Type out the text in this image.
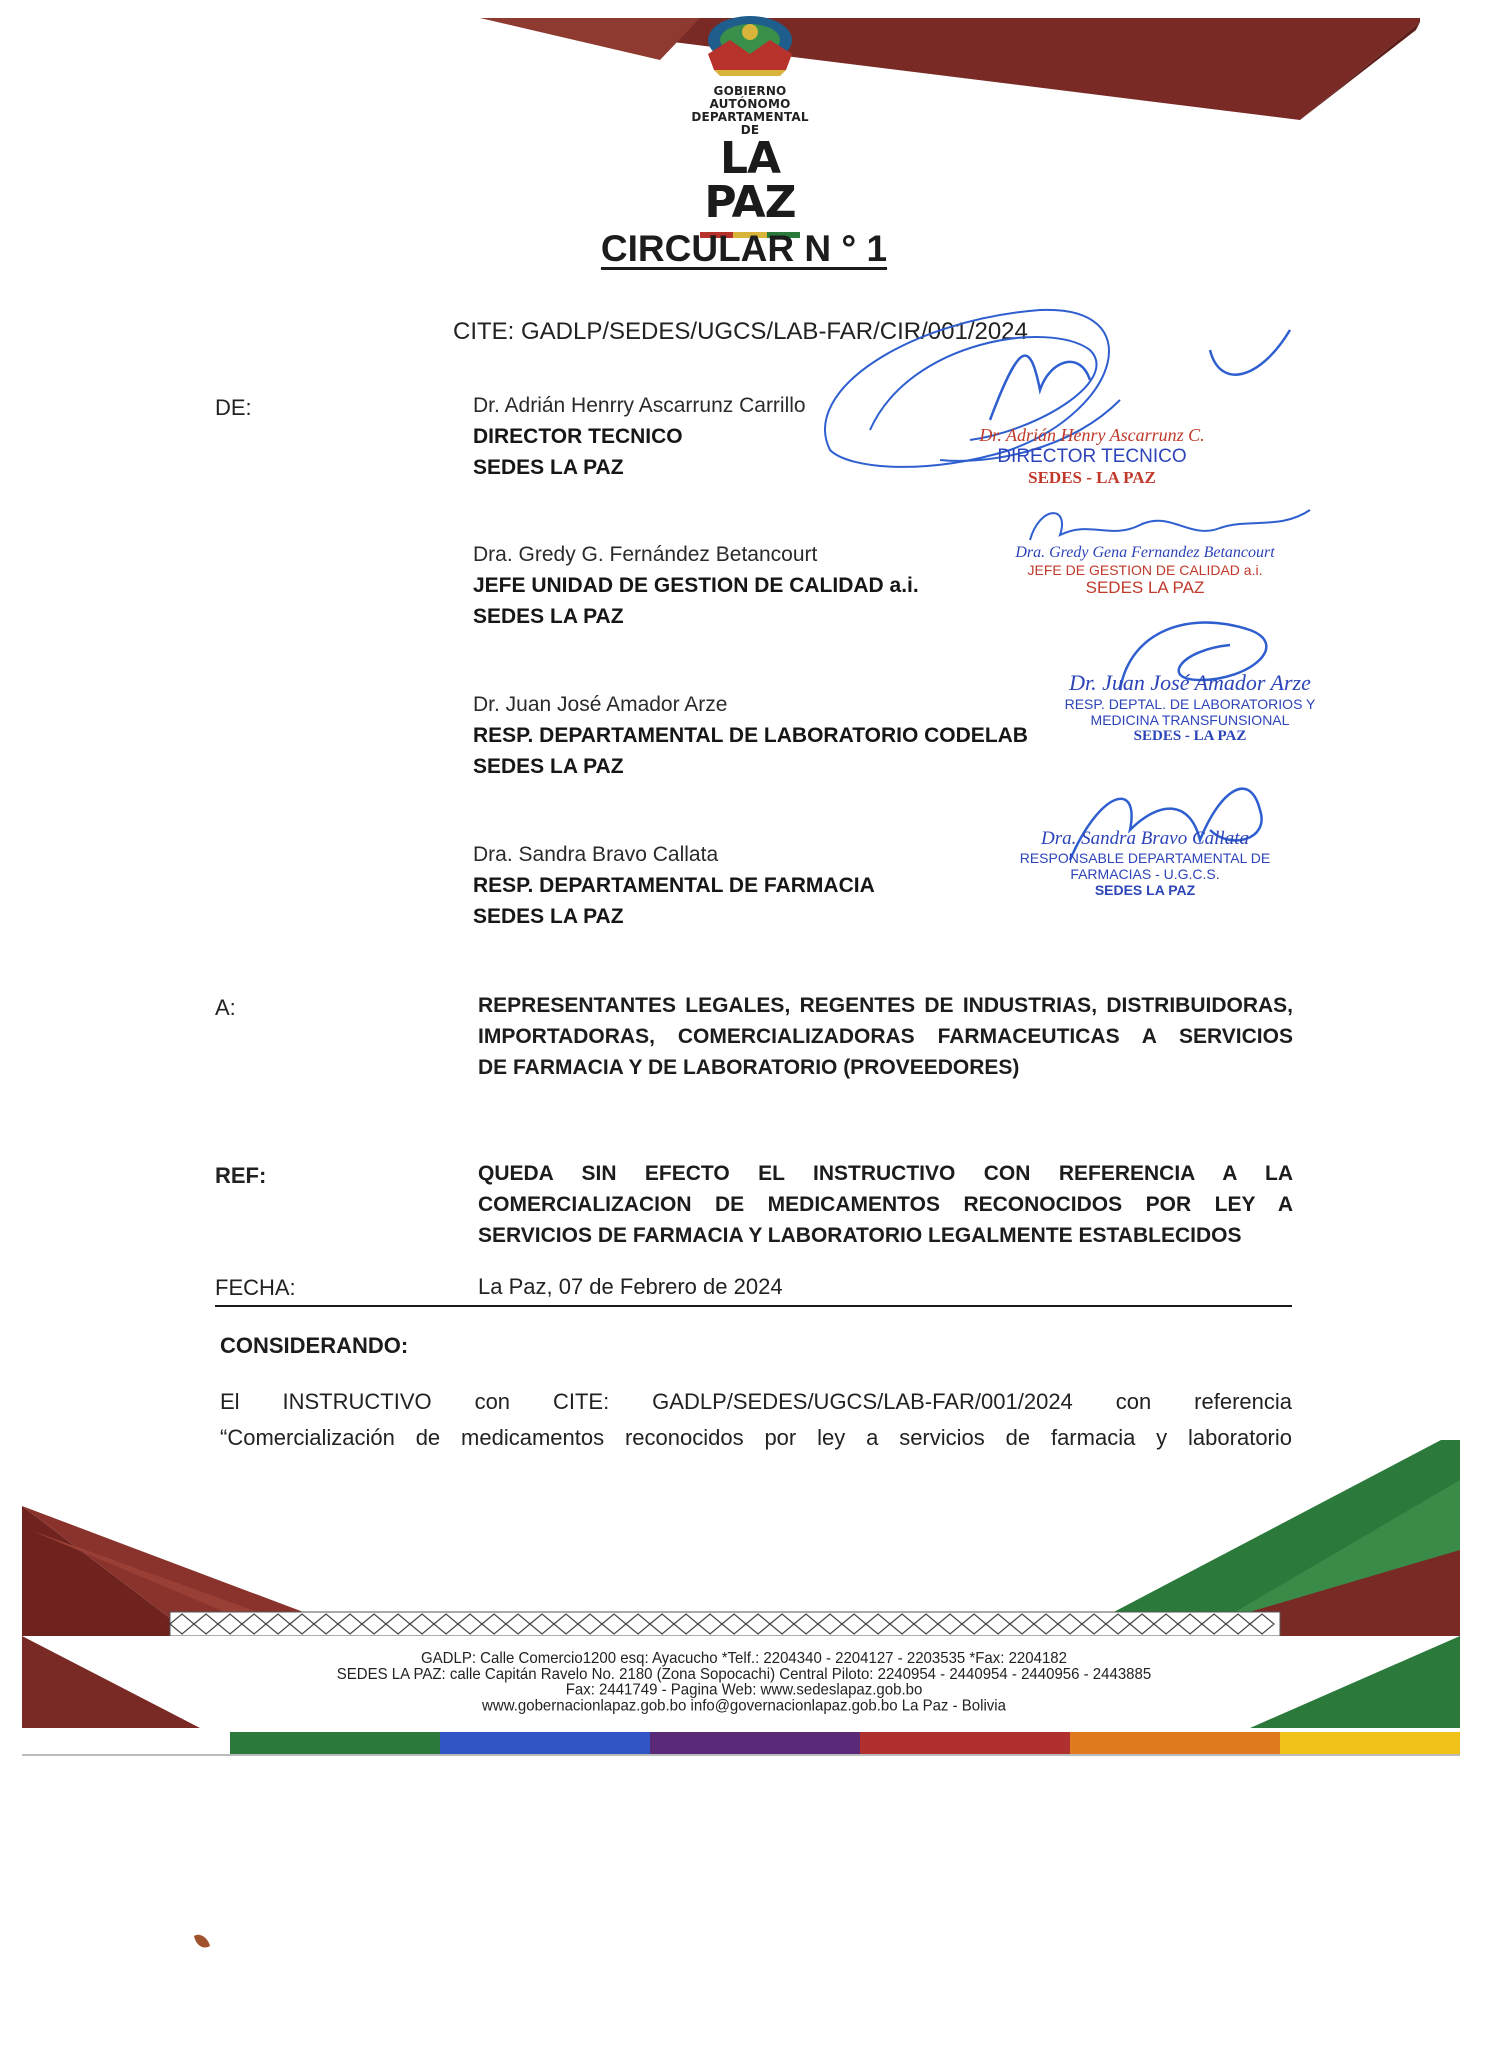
GOBIERNO AUTÓNOMO
DEPARTAMENTAL DE
LA PAZ
CIRCULAR N ° 1
CITE: GADLP/SEDES/UGCS/LAB-FAR/CIR/001/2024
DE:	Dr. Adrián Henrry Ascarrunz Carrillo
DIRECTOR TECNICO
SEDES LA PAZ
Dra. Gredy G. Fernández Betancourt
JEFE UNIDAD DE GESTION DE CALIDAD a.i.
SEDES LA PAZ
Dr. Juan José Amador Arze
RESP. DEPARTAMENTAL DE LABORATORIO CODELAB
SEDES LA PAZ
Dra. Sandra Bravo Callata
RESP. DEPARTAMENTAL DE FARMACIA
SEDES LA PAZ
Dr. Adrián Henry Ascarrunz C.
DIRECTOR TECNICO
SEDES - LA PAZ
Dra. Gredy Gena Fernandez Betancourt
JEFE DE GESTION DE CALIDAD a.i.
SEDES LA PAZ
Dr. Juan José Amador Arze
RESP. DEPTAL. DE LABORATORIOS Y
MEDICINA TRANSFUNSIONAL
SEDES - LA PAZ
Dra. Sandra Bravo Callata
RESPONSABLE DEPARTAMENTAL DE
FARMACIAS - U.G.C.S.
SEDES LA PAZ
A:	REPRESENTANTES LEGALES, REGENTES DE INDUSTRIAS, DISTRIBUIDORAS,
IMPORTADORAS, COMERCIALIZADORAS FARMACEUTICAS A SERVICIOS
DE FARMACIA Y DE LABORATORIO (PROVEEDORES)
REF:	QUEDA SIN EFECTO EL INSTRUCTIVO CON REFERENCIA A LA
COMERCIALIZACION DE MEDICAMENTOS RECONOCIDOS POR LEY A
SERVICIOS DE FARMACIA Y LABORATORIO LEGALMENTE ESTABLECIDOS
FECHA:	La Paz, 07 de Febrero de 2024
CONSIDERANDO:
El INSTRUCTIVO con CITE: GADLP/SEDES/UGCS/LAB-FAR/001/2024 con referencia
“Comercialización de medicamentos reconocidos por ley a servicios de farmacia y laboratorio
GADLP: Calle Comercio1200 esq: Ayacucho *Telf.: 2204340 - 2204127 - 2203535 *Fax: 2204182
SEDES LA PAZ: calle Capitán Ravelo No. 2180 (Zona Sopocachi) Central Piloto: 2240954 - 2440954 - 2440956 - 2443885
Fax: 2441749 - Pagina Web: www.sedeslapaz.gob.bo
www.gobernacionlapaz.gob.bo info@governacionlapaz.gob.bo La Paz - Bolivia
